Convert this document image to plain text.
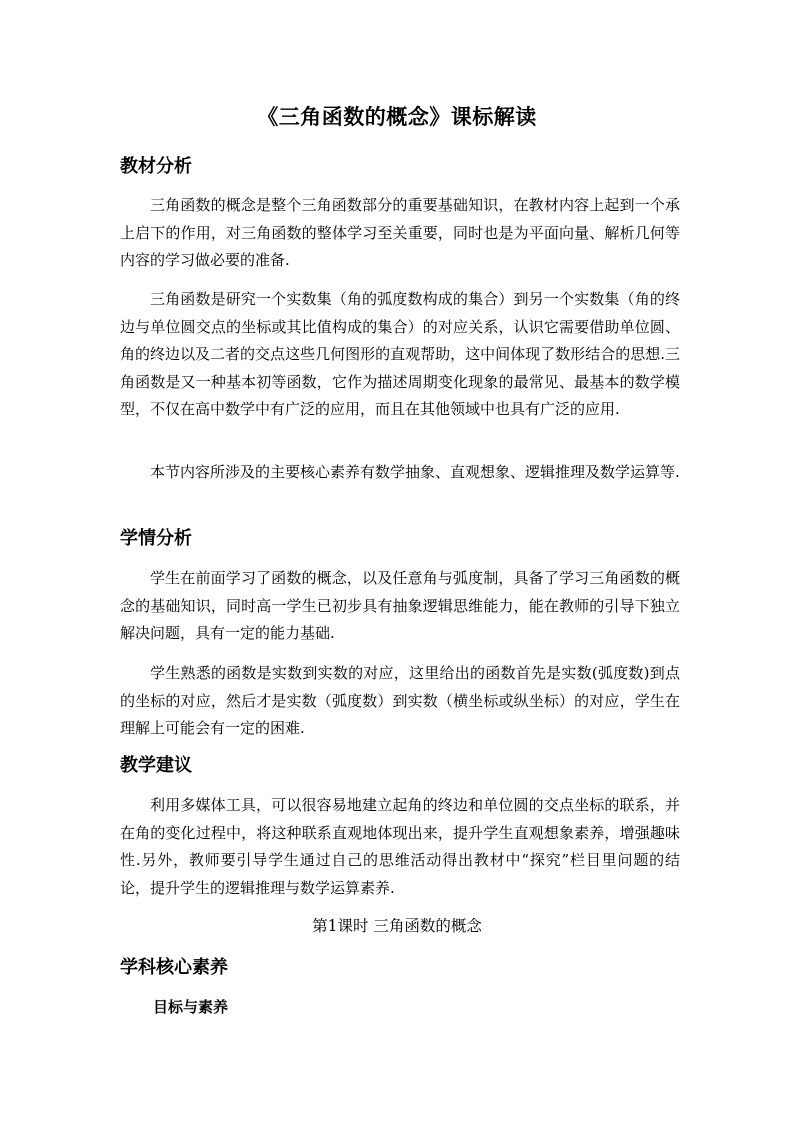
《三角函数的概念》课标解读
教材分析

三角函数的概念是整个三角函数部分的重要基础知识，在教材内容上起到一个承上启下的作用，对三角函数的整体学习至关重要，同时也是为平面向量、解析几何等内容的学习做必要的准备.

三角函数是研究一个实数集（角的弧度数构成的集合）到另一个实数集（角的终边与单位圆交点的坐标或其比值构成的集合）的对应关系，认识它需要借助单位圆、角的终边以及二者的交点这些几何图形的直观帮助，这中间体现了数形结合的思想.三角函数是又一种基本初等函数，它作为描述周期变化现象的最常见、最基本的数学模型，不仅在高中数学中有广泛的应用，而且在其他领域中也具有广泛的应用.

本节内容所涉及的主要核心素养有数学抽象、直观想象、逻辑推理及数学运算等.

学情分析

学生在前面学习了函数的概念，以及任意角与弧度制，具备了学习三角函数的概念的基础知识，同时高一学生已初步具有抽象逻辑思维能力，能在教师的引导下独立解决问题，具有一定的能力基础.

学生熟悉的函数是实数到实数的对应，这里给出的函数首先是实数(弧度数)到点的坐标的对应，然后才是实数（弧度数）到实数（横坐标或纵坐标）的对应，学生在理解上可能会有一定的困难.

教学建议

利用多媒体工具，可以很容易地建立起角的终边和单位圆的交点坐标的联系，并在角的变化过程中，将这种联系直观地体现出来，提升学生直观想象素养，增强趣味性.另外，教师要引导学生通过自己的思维活动得出教材中“探究”栏目里问题的结论，提升学生的逻辑推理与数学运算素养.

第1课时 三角函数的概念
学科核心素养
目标与素养
